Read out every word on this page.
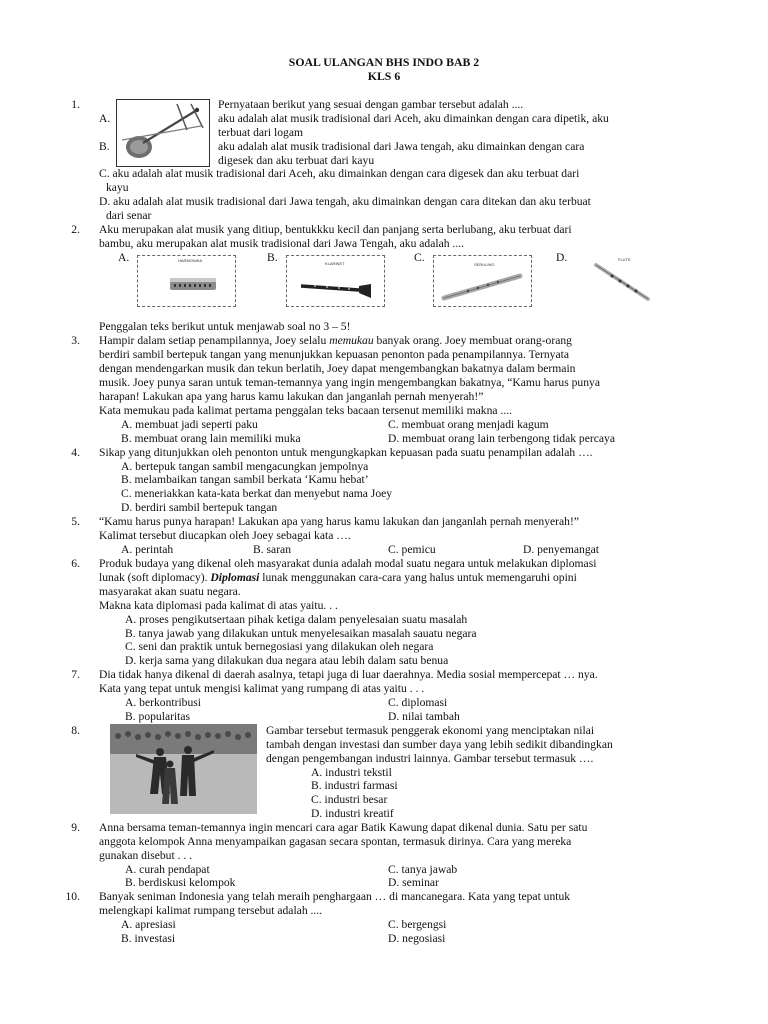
SOAL ULANGAN BHS INDO BAB 2
KLS 6
1.	Pernyataan berikut yang sesuai dengan gambar tersebut adalah ....
A.	aku adalah alat musik tradisional dari Aceh, aku dimainkan dengan cara dipetik, aku
terbuat dari logam
B.	aku adalah alat musik tradisional dari Jawa tengah, aku dimainkan dengan cara
digesek dan aku terbuat dari kayu
C. aku adalah alat musik tradisional dari Aceh, aku dimainkan dengan cara digesek dan aku terbuat dari
kayu
D. aku adalah alat musik tradisional dari Jawa tengah, aku dimainkan dengan cara ditekan dan aku terbuat
dari senar
2. Aku merupakan alat musik yang ditiup, bentukkku kecil dan panjang serta berlubang, aku terbuat dari
bambu, aku merupakan alat musik tradisional dari Jawa Tengah, aku adalah ....
A.	HARMONIKA	B.	KLARINET	C.
SERULING
D.	FLUTE
Penggalan teks berikut untuk menjawab soal no 3 – 5!
3. Hampir dalam setiap penampilannya, Joey selalu memukau banyak orang. Joey membuat orang-orang
berdiri sambil bertepuk tangan yang menunjukkan kepuasan penonton pada penampilannya. Ternyata
dengan mendengarkan musik dan tekun berlatih, Joey dapat mengembangkan bakatnya dalam bermain
musik. Joey punya saran untuk teman-temannya yang ingin mengembangkan bakatnya, “Kamu harus punya
harapan! Lakukan apa yang harus kamu lakukan dan janganlah pernah menyerah!”
Kata memukau pada kalimat pertama penggalan teks bacaan tersenut memiliki makna ....
A. membuat jadi seperti paku	C. membuat orang menjadi kagum
B. membuat orang lain memiliki muka	D. membuat orang lain terbengong tidak percaya
4. Sikap yang ditunjukkan oleh penonton untuk mengungkapkan kepuasan pada suatu penampilan adalah ….
A. bertepuk tangan sambil mengacungkan jempolnya
B. melambaikan tangan sambil berkata ‘Kamu hebat’
C. meneriakkan kata-kata berkat dan menyebut nama Joey
D. berdiri sambil bertepuk tangan
5. “Kamu harus punya harapan! Lakukan apa yang harus kamu lakukan dan janganlah pernah menyerah!”
Kalimat tersebut diucapkan oleh Joey sebagai kata ….
A. perintah	B. saran	C. pemicu	D. penyemangat
6. Produk budaya yang dikenal oleh masyarakat dunia adalah modal suatu negara untuk melakukan diplomasi
lunak (soft diplomacy). Diplomasi lunak menggunakan cara-cara yang halus untuk memengaruhi opini
masyarakat akan suatu negara.
Makna kata diplomasi pada kalimat di atas yaitu. . .
A. proses pengikutsertaan pihak ketiga dalam penyelesaian suatu masalah
B. tanya jawab yang dilakukan untuk menyelesaikan masalah sauatu negara
C. seni dan praktik untuk bernegosiasi yang dilakukan oleh negara
D. kerja sama yang dilakukan dua negara atau lebih dalam satu benua
7. Dia tidak hanya dikenal di daerah asalnya, tetapi juga di luar daerahnya. Media sosial mempercepat … nya.
Kata yang tepat untuk mengisi kalimat yang rumpang di atas yaitu . . .
A. berkontribusi	C. diplomasi
B. popularitas	D. nilai tambah
8.	Gambar tersebut termasuk penggerak ekonomi yang menciptakan nilai
tambah dengan investasi dan sumber daya yang lebih sedikit dibandingkan
dengan pengembangan industri lainnya. Gambar tersebut termasuk ….
A. industri tekstil
B. industri farmasi
C. industri besar
D. industri kreatif
9. Anna bersama teman-temannya ingin mencari cara agar Batik Kawung dapat dikenal dunia. Satu per satu
anggota kelompok Anna menyampaikan gagasan secara spontan, termasuk dirinya. Cara yang mereka
gunakan disebut . . .
A. curah pendapat	C. tanya jawab
B. berdiskusi kelompok	D. seminar
10. Banyak seniman Indonesia yang telah meraih penghargaan … di mancanegara. Kata yang tepat untuk
melengkapi kalimat rumpang tersebut adalah ....
A. apresiasi	C. bergengsi
B. investasi	D. negosiasi
